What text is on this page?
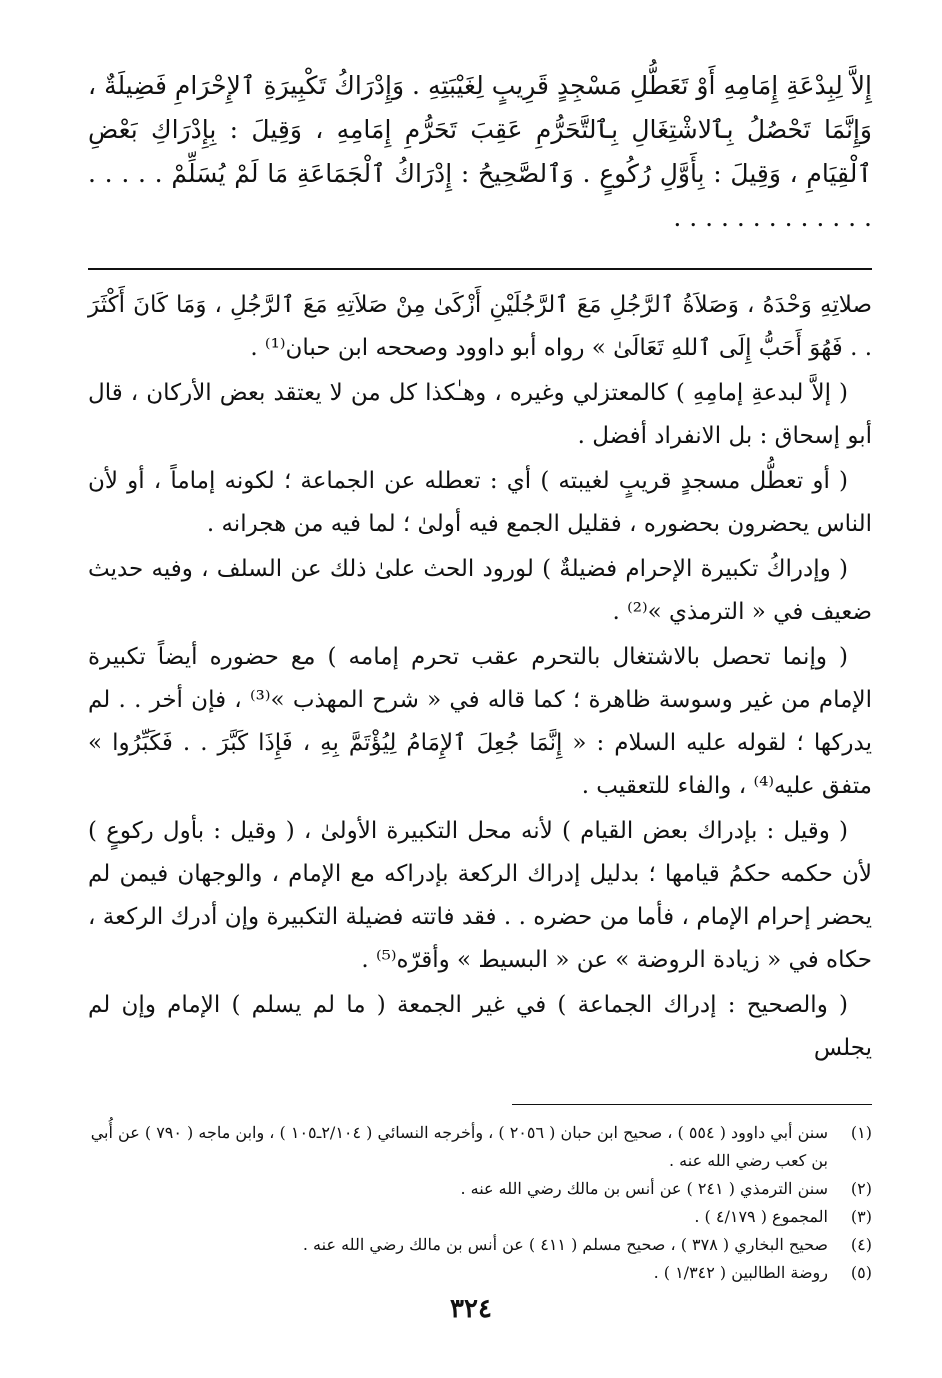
إِلاَّ لِبِدْعَةِ إِمَامِهِ أَوْ تَعَطُّلِ مَسْجِدٍ قَرِيبٍ لِغَيْبَتِهِ . وَإِدْرَاكُ تَكْبِيرَةِ ٱلإِحْرَامِ فَضِيلَةٌ ، وَإِنَّمَا تَحْصُلُ بِٱلاشْتِغَالِ بِٱلتَّحَرُّمِ عَقِبَ تَحَرُّمِ إِمَامِهِ ، وَقِيلَ : بِإِدْرَاكِ بَعْضِ ٱلْقِيَامِ ، وَقِيلَ : بِأَوَّلِ رُكُوعٍ . وَٱلصَّحِيحُ : إِدْرَاكُ ٱلْجَمَاعَةِ مَا لَمْ يُسَلِّمْ . . . . . . . . . . . . . . . . . .

صلاتِهِ وَحْدَهُ ، وَصَلاَةُ ٱلرَّجُلِ مَعَ ٱلرَّجُلَيْنِ أَزْكَىٰ مِنْ صَلاَتِهِ مَعَ ٱلرَّجُلِ ، وَمَا كَانَ أَكْثَرَ . . فَهُوَ أَحَبُّ إِلَى ٱللهِ تَعَالَىٰ » رواه أبو داوود وصححه ابن حبان⁽¹⁾ .

( إلاَّ لبدعةِ إمامِهِ ) كالمعتزلي وغيره ، وهـٰكذا كل من لا يعتقد بعض الأركان ، قال أبو إسحاق : بل الانفراد أفضل .

( أو تعطُّل مسجدٍ قريبٍ لغيبته ) أي : تعطله عن الجماعة ؛ لكونه إماماً ، أو لأن الناس يحضرون بحضوره ، فقليل الجمع فيه أولىٰ ؛ لما فيه من هجرانه .

( وإدراكُ تكبيرة الإحرام فضيلةٌ ) لورود الحث علىٰ ذلك عن السلف ، وفيه حديث ضعيف في « الترمذي »⁽²⁾ .

( وإنما تحصل بالاشتغال بالتحرم عقب تحرم إمامه ) مع حضوره أيضاً تكبيرة الإمام من غير وسوسة ظاهرة ؛ كما قاله في « شرح المهذب »⁽³⁾ ، فإن أخر . . لم يدركها ؛ لقوله عليه السلام : « إِنَّمَا جُعِلَ ٱلإِمَامُ لِيُؤْتَمَّ بِهِ ، فَإِذَا كَبَّرَ . . فَكَبِّرُوا » متفق عليه⁽⁴⁾ ، والفاء للتعقيب .

( وقيل : بإدراك بعض القيام ) لأنه محل التكبيرة الأولىٰ ، ( وقيل : بأول ركوعٍ ) لأن حكمه حكمُ قيامها ؛ بدليل إدراك الركعة بإدراكه مع الإمام ، والوجهان فيمن لم يحضر إحرام الإمام ، فأما من حضره . . فقد فاتته فضيلة التكبيرة وإن أدرك الركعة ، حكاه في « زيادة الروضة » عن « البسيط » وأقرّه⁽⁵⁾ .

( والصحيح : إدراك الجماعة ) في غير الجمعة ( ما لم يسلم ) الإمام وإن لم يجلس

(١)
سنن أبي داوود ( ٥٥٤ ) ، صحيح ابن حبان ( ٢٠٥٦ ) ، وأخرجه النسائي ( ٢/١٠٤ـ١٠٥ ) ، وابن ماجه ( ٧٩٠ ) عن أُبي بن كعب رضي الله عنه .
(٢)
سنن الترمذي ( ٢٤١ ) عن أنس بن مالك رضي الله عنه .
(٣)
المجموع ( ٤/١٧٩ ) .
(٤)
صحيح البخاري ( ٣٧٨ ) ، صحيح مسلم ( ٤١١ ) عن أنس بن مالك رضي الله عنه .
(٥)
روضة الطالبين ( ١/٣٤٢ ) .
٣٢٤
